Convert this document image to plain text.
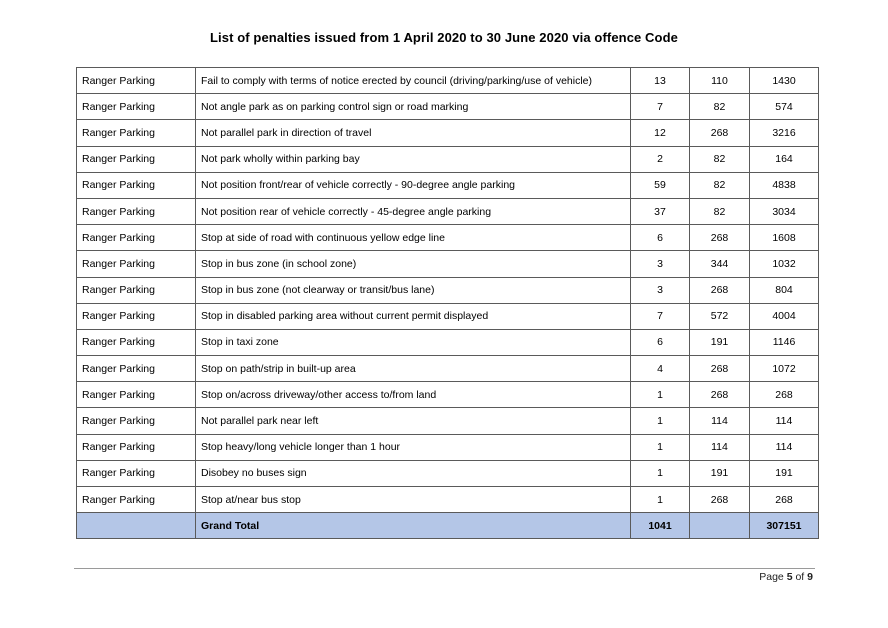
List of penalties issued from 1 April 2020 to 30 June 2020 via offence Code
Ranger Parking	Fail to comply with terms of notice erected by council (driving/parking/use of vehicle)	13	110	1430
Ranger Parking	Not angle park as on parking control sign or road marking	7	82	574
Ranger Parking	Not parallel park in direction of travel	12	268	3216
Ranger Parking	Not park wholly within parking bay	2	82	164
Ranger Parking	Not position front/rear of vehicle correctly - 90-degree angle parking	59	82	4838
Ranger Parking	Not position rear of vehicle correctly - 45-degree angle parking	37	82	3034
Ranger Parking	Stop at side of road with continuous yellow edge line	6	268	1608
Ranger Parking	Stop in bus zone (in school zone)	3	344	1032
Ranger Parking	Stop in bus zone (not clearway or transit/bus lane)	3	268	804
Ranger Parking	Stop in disabled parking area without current permit displayed	7	572	4004
Ranger Parking	Stop in taxi zone	6	191	1146
Ranger Parking	Stop on path/strip in built-up area	4	268	1072
Ranger Parking	Stop on/across driveway/other access to/from land	1	268	268
Ranger Parking	Not parallel park near left	1	114	114
Ranger Parking	Stop heavy/long vehicle longer than 1 hour	1	114	114
Ranger Parking	Disobey no buses sign	1	191	191
Ranger Parking	Stop at/near bus stop	1	268	268
	Grand Total	1041		307151
Page 5 of 9
